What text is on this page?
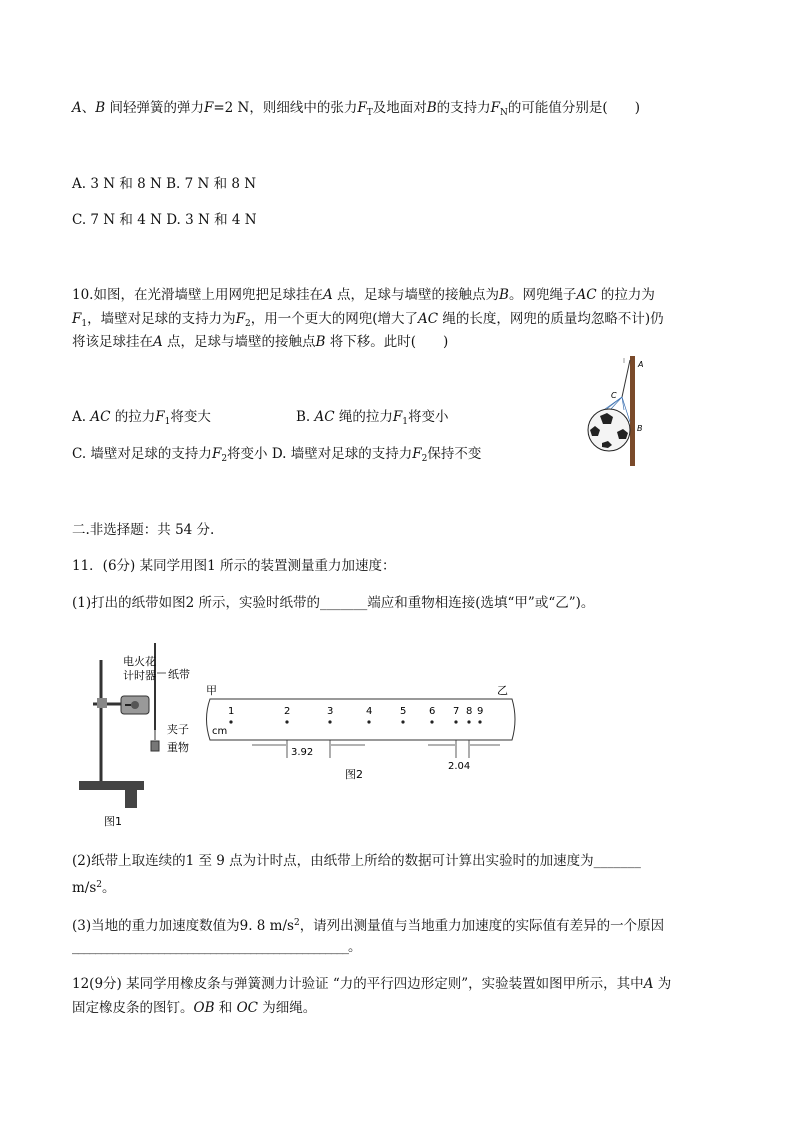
A、B 间轻弹簧的弹力F=2 N，则细线中的张力$F_T$及地面对B的支持力$F_N$的可能值分别是(　　)
A. 3 N 和 8 N B. 7 N 和 8 N
C. 7 N 和 4 N D. 3 N 和 4 N
10.如图，在光滑墙壁上用网兜把足球挂在A 点，足球与墙壁的接触点为B。网兜绳子AC 的拉力为
$F_1$，墙壁对足球的支持力为$F_2$，用一个更大的网兜(增大了AC 绳的长度，网兜的质量均忽略不计)仍
将该足球挂在A 点，足球与墙壁的接触点B 将下移。此时(　　)
A. AC 的拉力$F_1$将变大	B. AC 绳的拉力$F_1$将变小
C. 墙壁对足球的支持力$F_2$将变小 D. 墙壁对足球的支持力$F_2$保持不变
A
C
B
二.非选择题：共 54 分.
11．(6分) 某同学用图1 所示的装置测量重力加速度：
(1)打出的纸带如图2 所示，实验时纸带的_______端应和重物相连接(选填“甲”或“乙”)。
电火花
计时器 纸带
夹子
重物
图1
甲	乙
1	2	3	4	5 6 7 8 9
cm
3.92
2.04
图2
(2)纸带上取连续的1 至 9 点为计时点，由纸带上所给的数据可计算出实验时的加速度为_______
$m/s^2$。
(3)当地的重力加速度数值为9. 8 $m/s^2$，请列出测量值与当地重力加速度的实际值有差异的一个原因
________________________________________________。
12(9分) 某同学用橡皮条与弹簧测力计验证 “力的平行四边形定则”，实验装置如图甲所示，其中A 为
固定橡皮条的图钉。OB 和 OC 为细绳。
